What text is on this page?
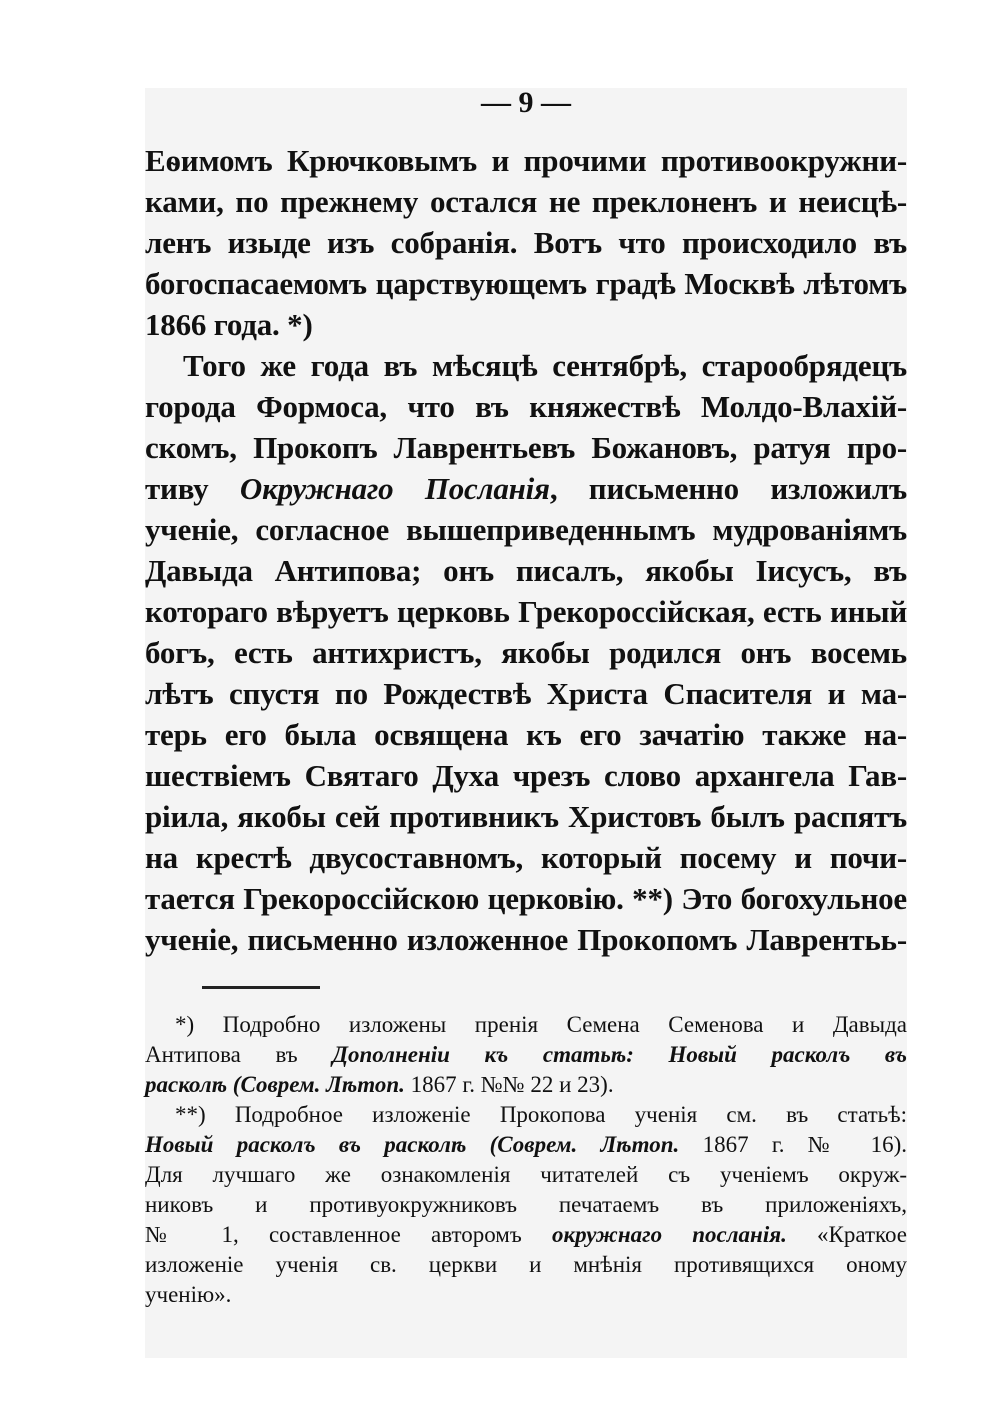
— 9 —
Еѳимомъ Крючковымъ и прочими противоокружни-
ками, по прежнему остался не преклоненъ и неисцѣ-
ленъ изыде изъ собранія. Вотъ что происходило въ
богоспасаемомъ царствующемъ градѣ Москвѣ лѣтомъ
1866 года. *)
Того же года въ мѣсяцѣ сентябрѣ, старообрядецъ
города Формоса, что въ княжествѣ Молдо-Влахій-
скомъ, Прокопъ Лаврентьевъ Божановъ, ратуя про-
тиву Окружнаго Посланія, письменно изложилъ
ученіе, согласное вышеприведеннымъ мудрованіямъ
Давыда Антипова; онъ писалъ, якобы Іисусъ, въ
котораго вѣруетъ церковь Грекороссійская, есть иный
богъ, есть антихристъ, якобы родился онъ восемь
лѣтъ спустя по Рождествѣ Христа Спасителя и ма-
терь его была освящена къ его зачатію также на-
шествіемъ Святаго Духа чрезъ слово архангела Гав-
ріила, якобы сей противникъ Христовъ былъ распятъ
на крестѣ двусоставномъ, который посему и почи-
тается Грекороссійскою церковію. **) Это богохульное
ученіе, письменно изложенное Прокопомъ Лаврентьь-
*) Подробно изложены пренія Семена Семенова и Давыда
Антипова въ Дополненіи къ статьѣ: Новый расколъ въ
расколѣ (Соврем. Лѣтоп. 1867 г. №№ 22 и 23).
**) Подробное изложеніе Прокопова ученія см. въ статьѣ:
Новый расколъ въ расколѣ (Соврем. Лѣтоп. 1867 г. № 16).
Для лучшаго же ознакомленія читателей съ ученіемъ окруж-
никовъ и противуокружниковъ печатаемъ въ приложеніяхъ,
№ 1, составленное авторомъ окружнаго посланія. «Краткое
изложеніе ученія св. церкви и мнѣнія противящихся оному
ученію».
